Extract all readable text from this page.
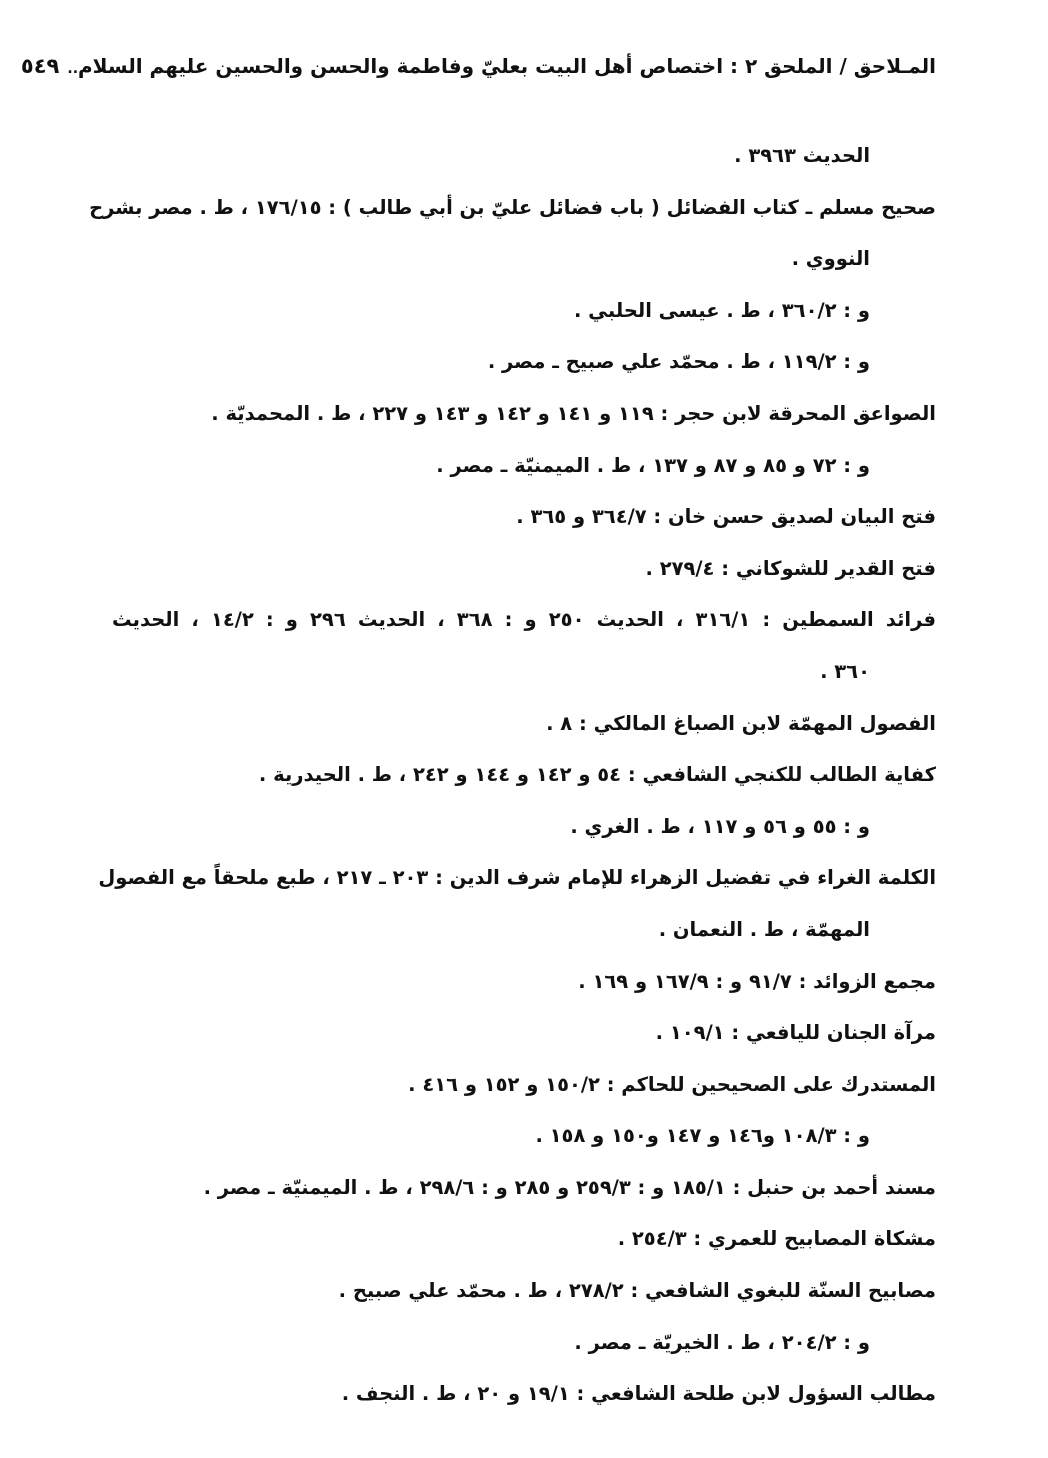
المـلاحق / الملحق ٢ : اختصاص أهل البيت بعليّ وفاطمة والحسن والحسين عليهم السلام
..٥٤٩
الحديث ٣٩٦٣ .
صحيح مسلم ـ كتاب الفضائل ( باب فضائل عليّ بن أبي طالب ) : ١٧٦/١٥ ، ط . مصر بشرح
النووي .
و : ٣٦٠/٢ ، ط . عيسى الحلبي .
و : ١١٩/٢ ، ط . محمّد علي صبيح ـ مصر .
الصواعق المحرقة لابن حجر : ١١٩ و ١٤١ و ١٤٢ و ١٤٣ و ٢٢٧ ، ط . المحمديّة .
و : ٧٢ و ٨٥ و ٨٧ و ١٣٧ ، ط . الميمنيّة ـ مصر .
فتح البيان لصديق حسن خان : ٣٦٤/٧ و ٣٦٥ .
فتح القدير للشوكاني : ٢٧٩/٤ .
فرائد السمطين : ٣١٦/١ ، الحديث ٢٥٠ و : ٣٦٨ ، الحديث ٢٩٦ و : ١٤/٢ ، الحديث
٣٦٠ .
الفصول المهمّة لابن الصباغ المالكي : ٨ .
كفاية الطالب للكنجي الشافعي : ٥٤ و ١٤٢ و ١٤٤ و ٢٤٢ ، ط . الحيدرية .
و : ٥٥ و ٥٦ و ١١٧ ، ط . الغري .
الكلمة الغراء في تفضيل الزهراء للإمام شرف الدين : ٢٠٣ ـ ٢١٧ ، طبع ملحقاً مع الفصول
المهمّة ، ط . النعمان .
مجمع الزوائد : ٩١/٧ و : ١٦٧/٩ و ١٦٩ .
مرآة الجنان لليافعي : ١٠٩/١ .
المستدرك على الصحيحين للحاكم : ١٥٠/٢ و ١٥٢ و ٤١٦ .
و : ١٠٨/٣ و١٤٦ و ١٤٧ و١٥٠ و ١٥٨ .
مسند أحمد بن حنبل : ١٨٥/١ و : ٢٥٩/٣ و ٢٨٥ و : ٢٩٨/٦ ، ط . الميمنيّة ـ مصر .
مشكاة المصابيح للعمري : ٢٥٤/٣ .
مصابيح السنّة للبغوي الشافعي : ٢٧٨/٢ ، ط . محمّد علي صبيح .
و : ٢٠٤/٢ ، ط . الخيريّة ـ مصر .
مطالب السؤول لابن طلحة الشافعي : ١٩/١ و ٢٠ ، ط . النجف .
